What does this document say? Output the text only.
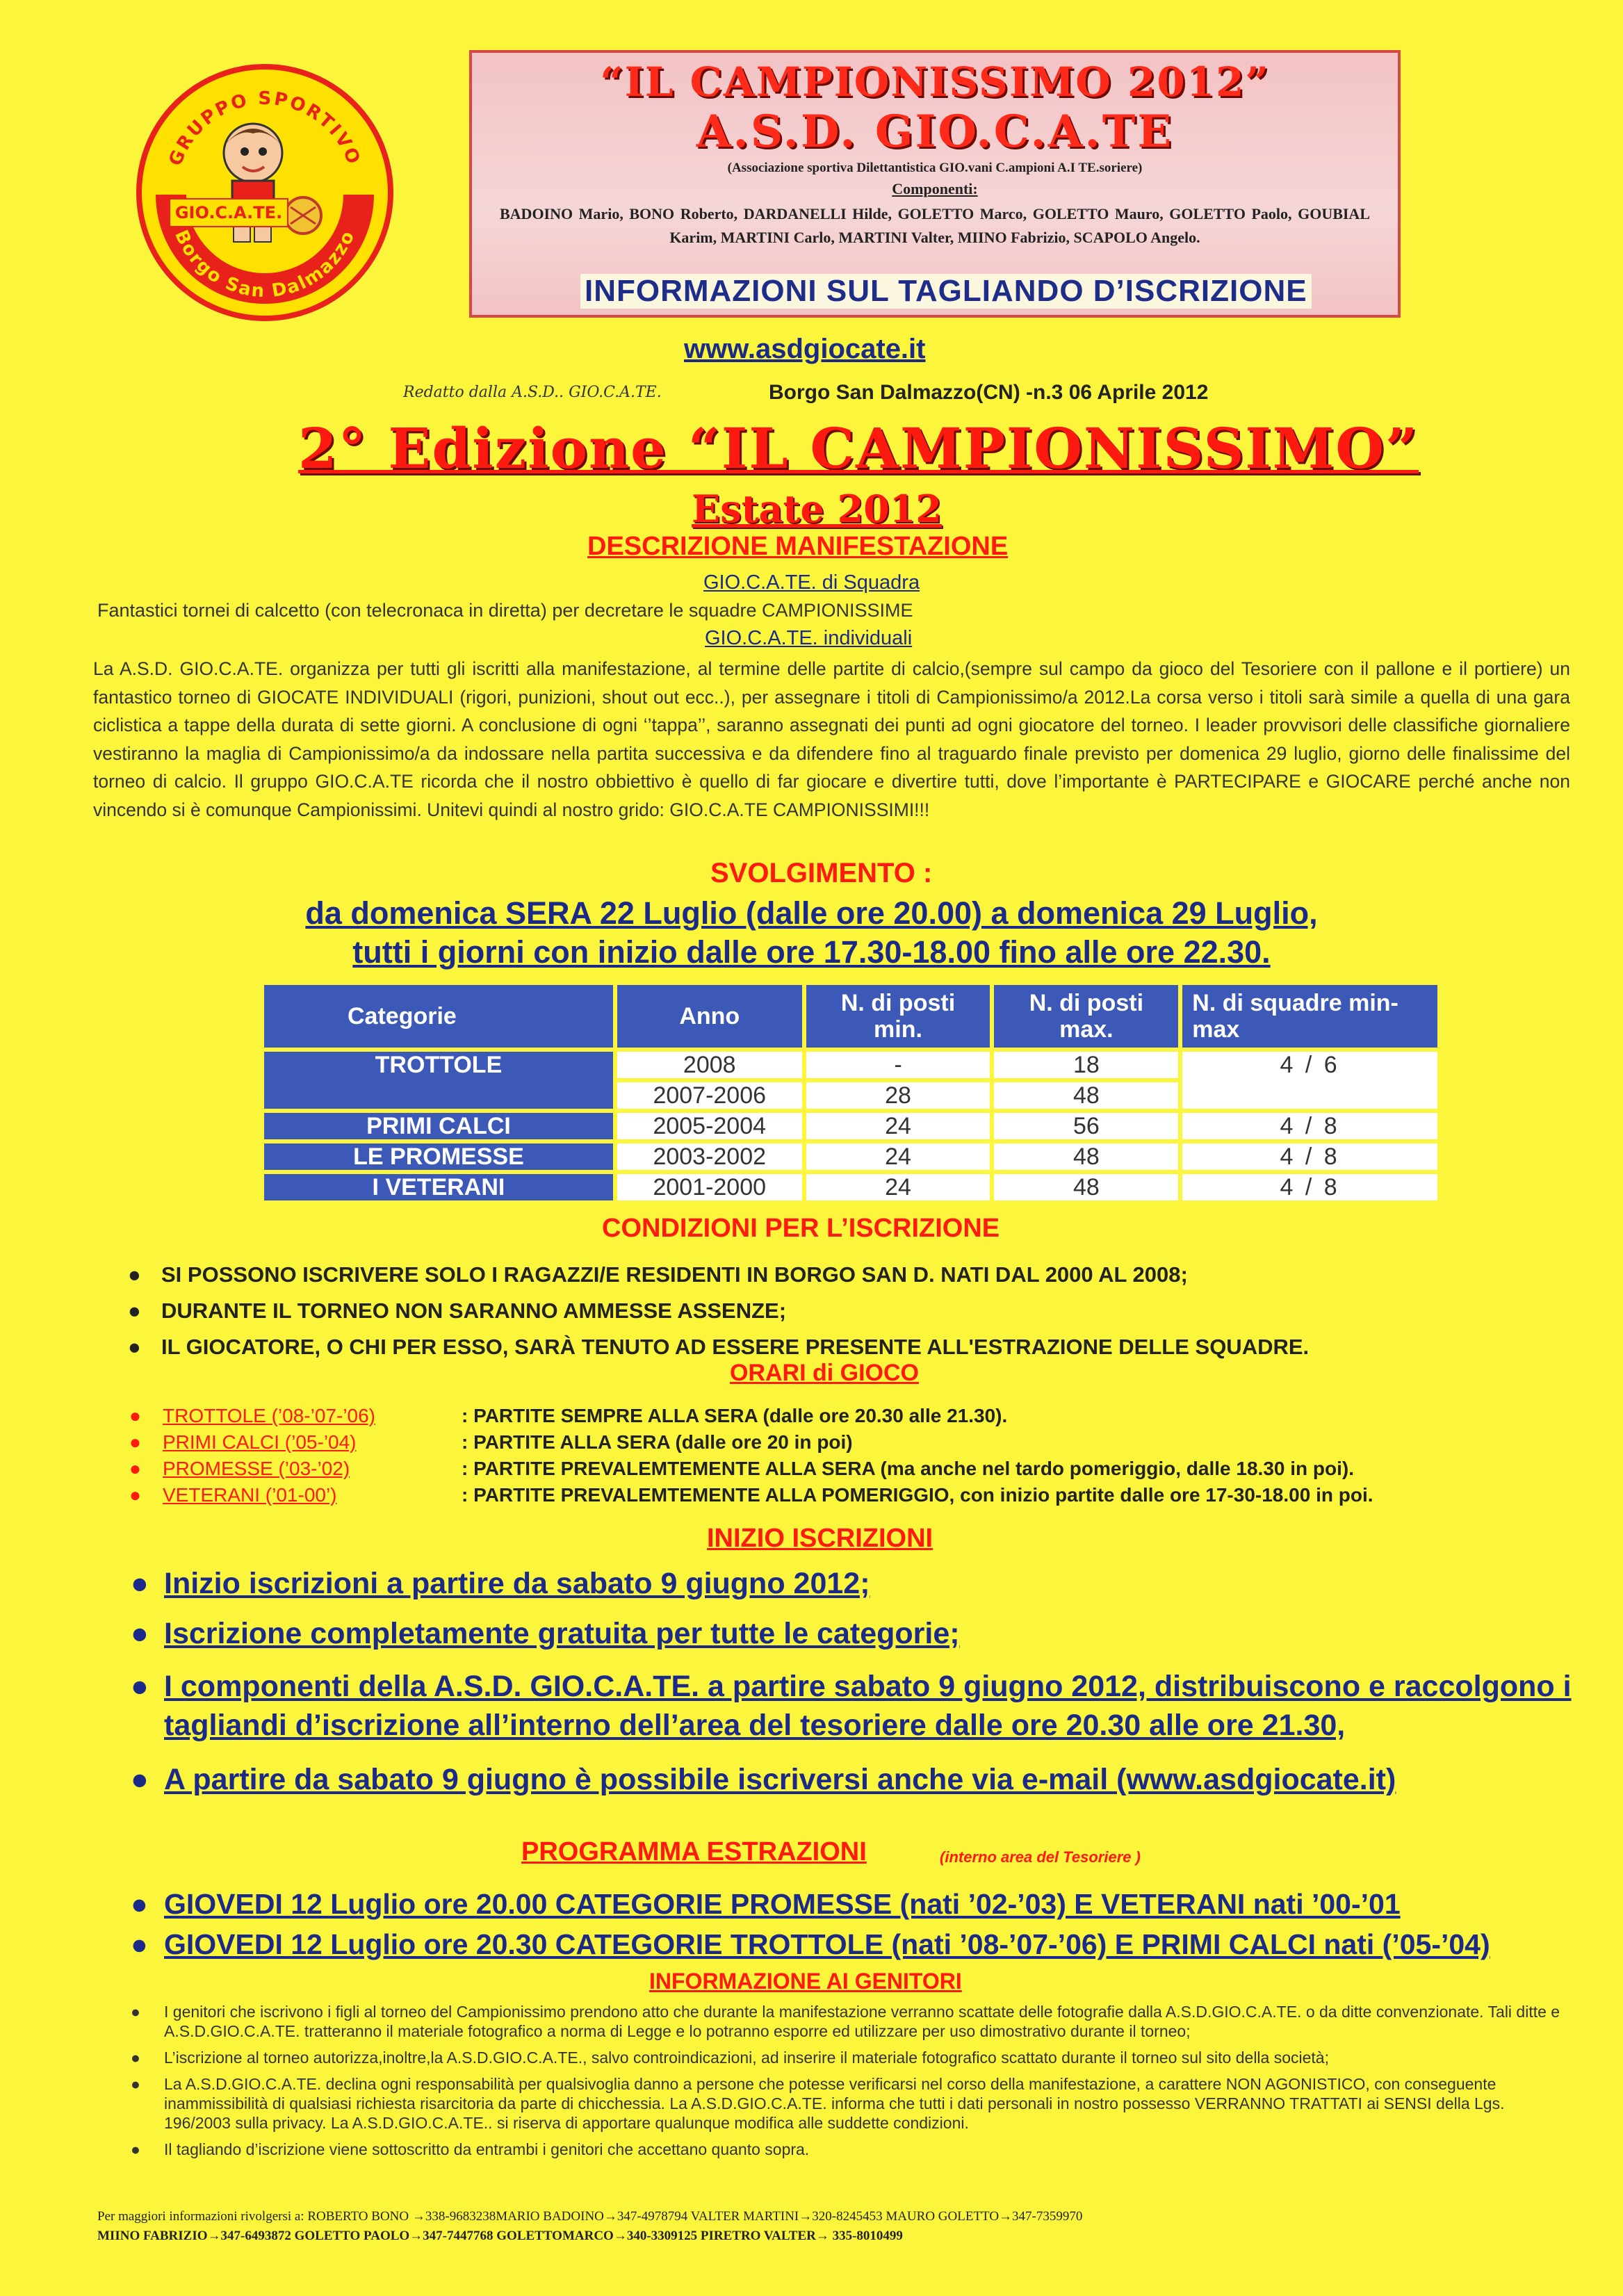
GRUPPO SPORTIVO
Borgo San Dalmazzo
GIO.C.A.TE.
“IL CAMPIONISSIMO 2012”
A.S.D. GIO.C.A.TE
(Associazione sportiva Dilettantistica GIO.vani C.ampioni A.I TE.soriere)
Componenti:
BADOINO Mario, BONO Roberto, DARDANELLI Hilde, GOLETTO Marco, GOLETTO Mauro, GOLETTO Paolo, GOUBIAL Karim, MARTINI Carlo, MARTINI Valter, MIINO Fabrizio, SCAPOLO Angelo.
INFORMAZIONI SUL TAGLIANDO D’ISCRIZIONE
www.asdgiocate.it
Redatto dalla A.S.D.. GIO.C.A.TE.	Borgo San Dalmazzo(CN) -n.3 06 Aprile 2012
2° Edizione “IL CAMPIONISSIMO”
Estate 2012
DESCRIZIONE MANIFESTAZIONE
GIO.C.A.TE. di Squadra
Fantastici tornei di calcetto (con telecronaca in diretta) per decretare le squadre CAMPIONISSIME
GIO.C.A.TE. individuali
La A.S.D. GIO.C.A.TE. organizza per tutti gli iscritti alla manifestazione, al termine delle partite di calcio,(sempre sul campo da gioco del Tesoriere con il pallone e il portiere) un fantastico torneo di GIOCATE INDIVIDUALI (rigori, punizioni, shout out ecc..), per assegnare i titoli di Campionissimo/a 2012.La corsa verso i titoli sarà simile a quella di una gara ciclistica a tappe della durata di sette giorni. A conclusione di ogni ‘’tappa’’, saranno assegnati dei punti ad ogni giocatore del torneo. I leader provvisori delle classifiche giornaliere vestiranno la maglia di Campionissimo/a da indossare nella partita successiva e da difendere fino al traguardo finale previsto per domenica 29 luglio, giorno delle finalissime del torneo di calcio. Il gruppo GIO.C.A.TE ricorda che il nostro obbiettivo è quello di far giocare e divertire tutti, dove l’importante è PARTECIPARE e GIOCARE perché anche non vincendo si è comunque Campionissimi. Unitevi quindi al nostro grido: GIO.C.A.TE CAMPIONISSIMI!!!
SVOLGIMENTO :
da domenica SERA 22 Luglio (dalle ore 20.00) a domenica 29 Luglio,
tutti i giorni con inizio dalle ore 17.30-18.00 fino alle ore 22.30.
Categorie	Anno	N. di posti min.	N. di posti max.	N. di squadre min-max
TROTTOLE	2008	-	18	4 / 6
	2007-2006	28	48	
PRIMI CALCI	2005-2004	24	56	4 / 8
LE PROMESSE	2003-2002	24	48	4 / 8
I VETERANI	2001-2000	24	48	4 / 8
CONDIZIONI PER L’ISCRIZIONE
● SI POSSONO ISCRIVERE SOLO I RAGAZZI/E RESIDENTI IN BORGO SAN D. NATI DAL 2000 AL 2008;
● DURANTE IL TORNEO NON SARANNO AMMESSE ASSENZE;
● IL GIOCATORE, O CHI PER ESSO, SARÀ TENUTO AD ESSERE PRESENTE ALL'ESTRAZIONE DELLE SQUADRE.
ORARI di GIOCO
● TROTTOLE (’08-’07-’06)	: PARTITE SEMPRE ALLA SERA (dalle ore 20.30 alle 21.30).
● PRIMI CALCI (’05-’04)	: PARTITE ALLA SERA (dalle ore 20 in poi)
● PROMESSE (’03-’02)	: PARTITE PREVALEMTEMENTE ALLA SERA (ma anche nel tardo pomeriggio, dalle 18.30 in poi).
● VETERANI (’01-00’)	: PARTITE PREVALEMTEMENTE ALLA POMERIGGIO, con inizio partite dalle ore 17-30-18.00 in poi.
INIZIO ISCRIZIONI
● Inizio iscrizioni a partire da sabato 9 giugno 2012;
● Iscrizione completamente gratuita per tutte le categorie;
● I componenti della A.S.D. GIO.C.A.TE. a partire sabato 9 giugno 2012, distribuiscono e raccolgono i tagliandi d’iscrizione all’interno dell’area del tesoriere dalle ore 20.30 alle ore 21.30,
● A partire da sabato 9 giugno è possibile iscriversi anche via e-mail (www.asdgiocate.it)
PROGRAMMA ESTRAZIONI	(interno area del Tesoriere )
● GIOVEDI 12 Luglio ore 20.00 CATEGORIE PROMESSE (nati ’02-’03) E VETERANI nati ’00-’01
● GIOVEDI 12 Luglio ore 20.30 CATEGORIE TROTTOLE (nati ’08-’07-’06) E PRIMI CALCI nati (’05-’04)
INFORMAZIONE AI GENITORI
● I genitori che iscrivono i figli al torneo del Campionissimo prendono atto che durante la manifestazione verranno scattate delle fotografie dalla A.S.D.GIO.C.A.TE. o da ditte convenzionate. Tali ditte e A.S.D.GIO.C.A.TE. tratteranno il materiale fotografico a norma di Legge e lo potranno esporre ed utilizzare per uso dimostrativo durante il torneo;
● L’iscrizione al torneo autorizza,inoltre,la A.S.D.GIO.C.A.TE., salvo controindicazioni, ad inserire il materiale fotografico scattato durante il torneo sul sito della società;
● La A.S.D.GIO.C.A.TE. declina ogni responsabilità per qualsivoglia danno a persone che potesse verificarsi nel corso della manifestazione, a carattere NON AGONISTICO, con conseguente inammissibilità di qualsiasi richiesta risarcitoria da parte di chicchessia. La A.S.D.GIO.C.A.TE. informa che tutti i dati personali in nostro possesso VERRANNO TRATTATI ai SENSI della Lgs. 196/2003 sulla privacy. La A.S.D.GIO.C.A.TE.. si riserva di apportare qualunque modifica alle suddette condizioni.
● Il tagliando d’iscrizione viene sottoscritto da entrambi i genitori che accettano quanto sopra.
Per maggiori informazioni rivolgersi a: ROBERTO BONO →338-9683238MARIO BADOINO→347-4978794 VALTER MARTINI→320-8245453 MAURO GOLETTO→347-7359970
MIINO FABRIZIO→347-6493872 GOLETTO PAOLO→347-7447768 GOLETTOMARCO→340-3309125 PIRETRO VALTER→ 335-8010499
